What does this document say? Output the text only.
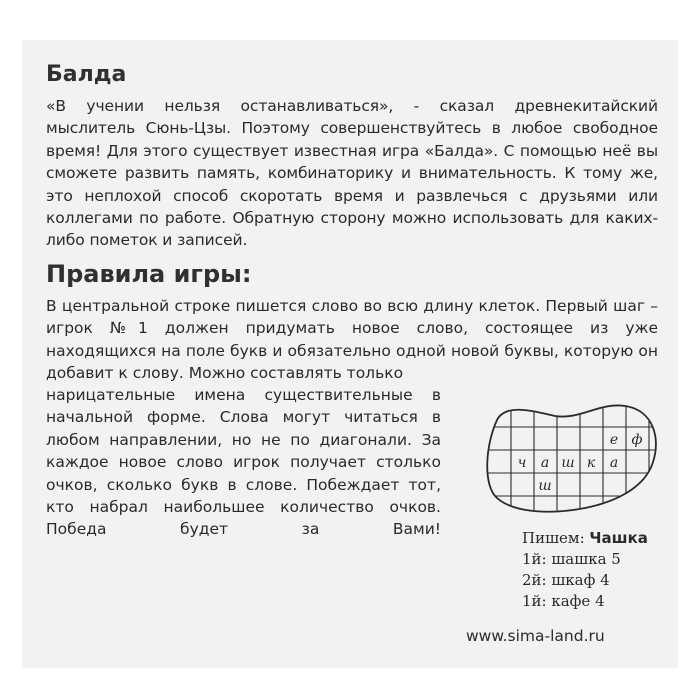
Балда

«В учении нельзя останавливаться», - сказал древнекитайский мыслитель Сюнь-Цзы. Поэтому совершенствуйтесь в любое свободное время! Для этого существует известная игра «Балда». С помощью неё вы сможете развить память, комбинаторику и внимательность. К тому же, это неплохой способ скоротать время и развлечься с друзьями или коллегами по работе. Обратную сторону можно использовать для каких-либо пометок и записей.

Правила игры:

В центральной строке пишется слово во всю длину клеток. Первый шаг – игрок №1 должен придумать новое слово, состоящее из уже находящихся на поле букв и обязательно одной новой буквы, которую он добавит к слову. Можно составлять только

нарицательные имена существительные в начальной форме. Слова могут читаться в любом направлении, но не по диагонали. За каждое новое слово игрок получает столько очков, сколько букв в слове. Побеждает тот, кто набрал наибольшее количество очков. Победа будет за Вами!

е ф
ч а ш к а
ш
Пишем: Чашка
1й: шашка 5
2й: шкаф 4
1й: кафе 4
www.sima-land.ru
